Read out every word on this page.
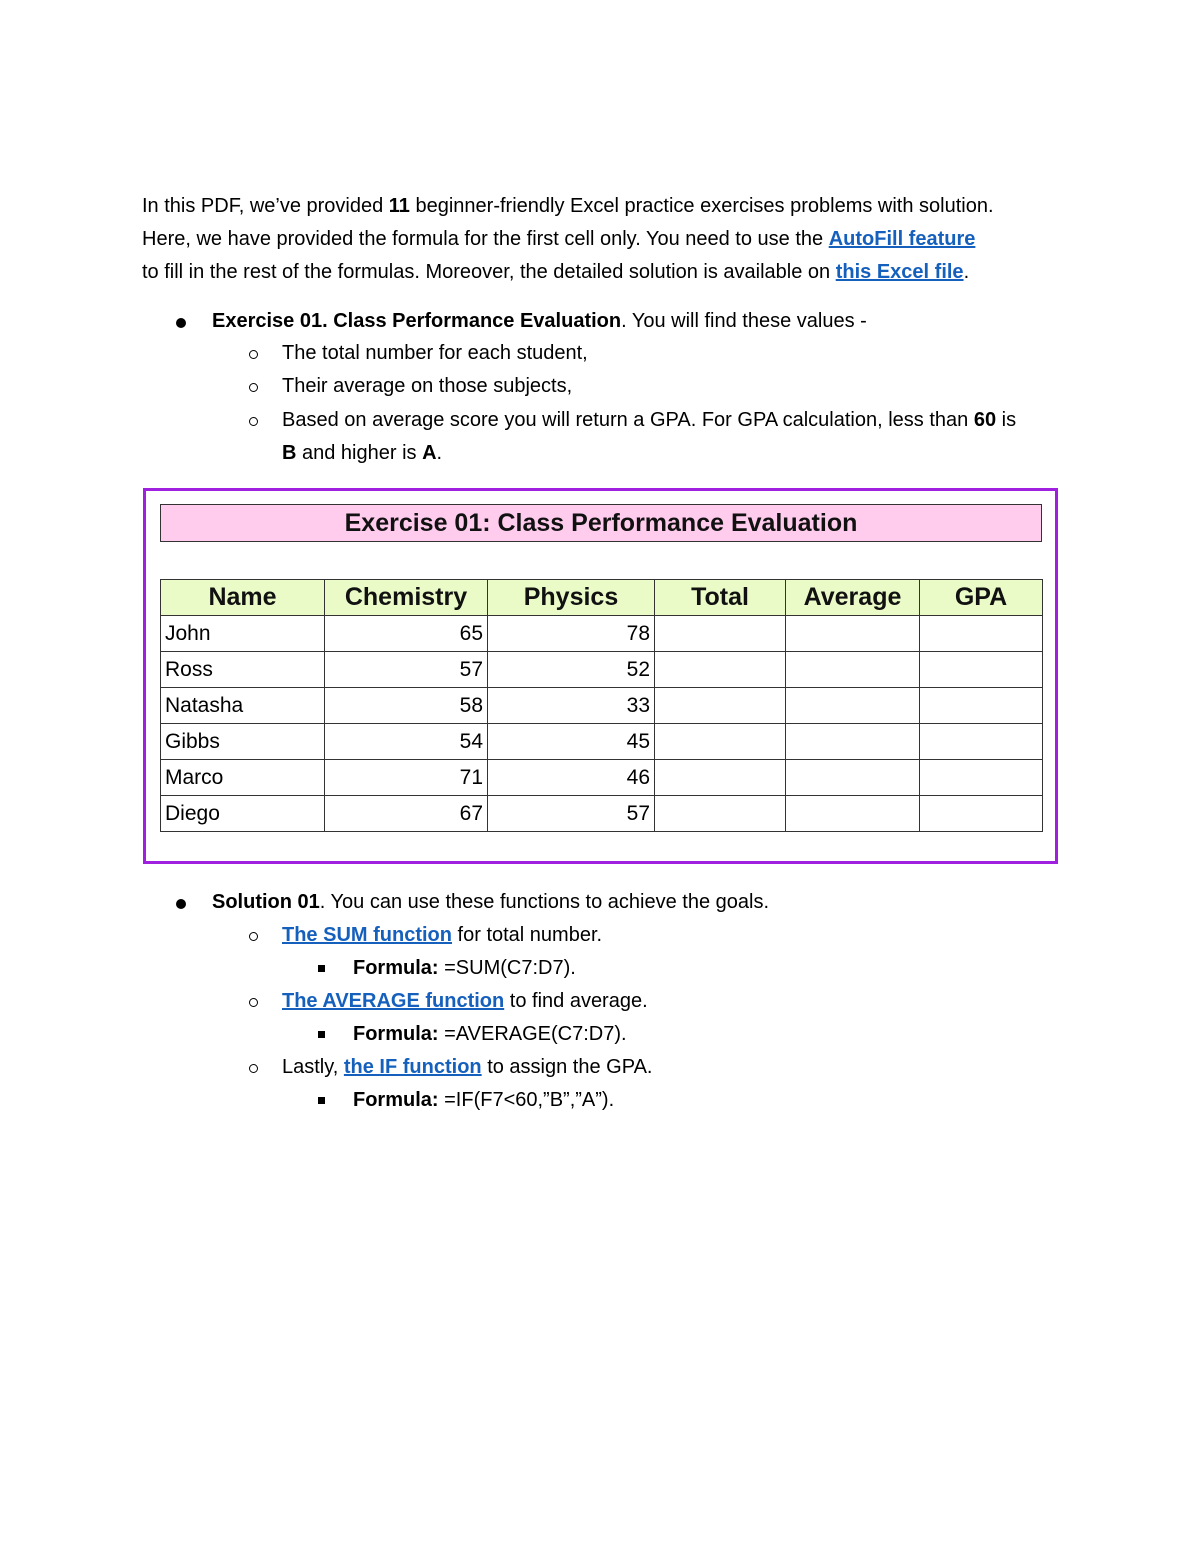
In this PDF, we’ve provided 11 beginner-friendly Excel practice exercises problems with solution.

Here, we have provided the formula for the first cell only. You need to use the AutoFill feature

to fill in the rest of the formulas. Moreover, the detailed solution is available on this Excel file.

Exercise 01. Class Performance Evaluation. You will find these values -
The total number for each student,
Their average on those subjects,
Based on average score you will return a GPA. For GPA calculation, less than 60 is
B and higher is A.
Exercise 01: Class Performance Evaluation
Name	Chemistry	Physics	Total	Average	GPA
John	65	78			
Ross	57	52			
Natasha	58	33			
Gibbs	54	45			
Marco	71	46			
Diego	67	57			
Solution 01. You can use these functions to achieve the goals.
The SUM function for total number.
Formula: =SUM(C7:D7).
The AVERAGE function to find average.
Formula: =AVERAGE(C7:D7).
Lastly, the IF function to assign the GPA.
Formula: =IF(F7<60,”B”,”A”).
